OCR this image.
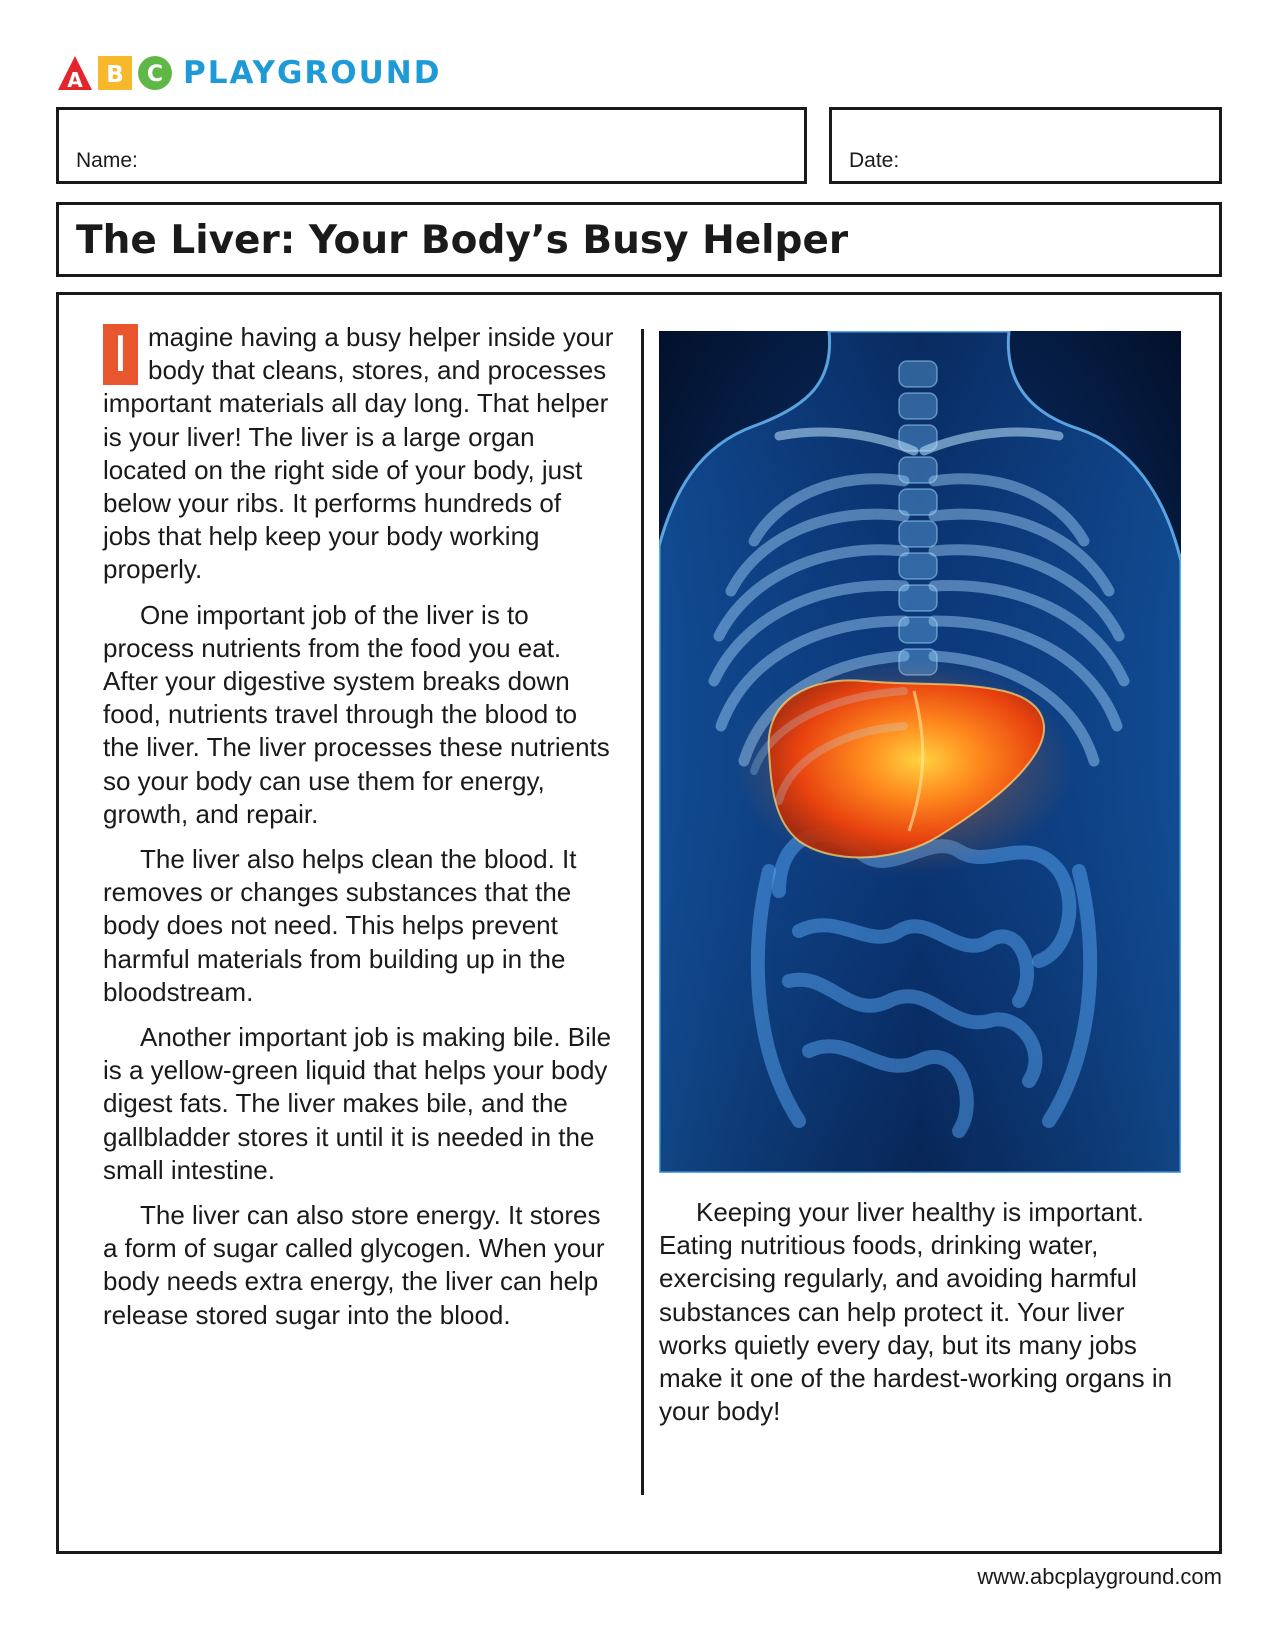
A B C PLAYGROUND
Name:	Date:
The Liver: Your Body’s Busy Helper

I magine having a busy helper inside your body that cleans, stores, and processes important materials all day long. That helper is your liver! The liver is a large organ located on the right side of your body, just below your ribs. It performs hundreds of jobs that help keep your body working properly.

One important job of the liver is to process nutrients from the food you eat. After your digestive system breaks down food, nutrients travel through the blood to the liver. The liver processes these nutrients so your body can use them for energy, growth, and repair.

The liver also helps clean the blood. It removes or changes substances that the body does not need. This helps prevent harmful materials from building up in the bloodstream.

Another important job is making bile. Bile is a yellow-green liquid that helps your body digest fats. The liver makes bile, and the gallbladder stores it until it is needed in the small intestine.

The liver can also store energy. It stores a form of sugar called glycogen. When your body needs extra energy, the liver can help release stored sugar into the blood.

Keeping your liver healthy is important. Eating nutritious foods, drinking water, exercising regularly, and avoiding harmful substances can help protect it. Your liver works quietly every day, but its many jobs make it one of the hardest-working organs in your body!

www.abcplayground.com
